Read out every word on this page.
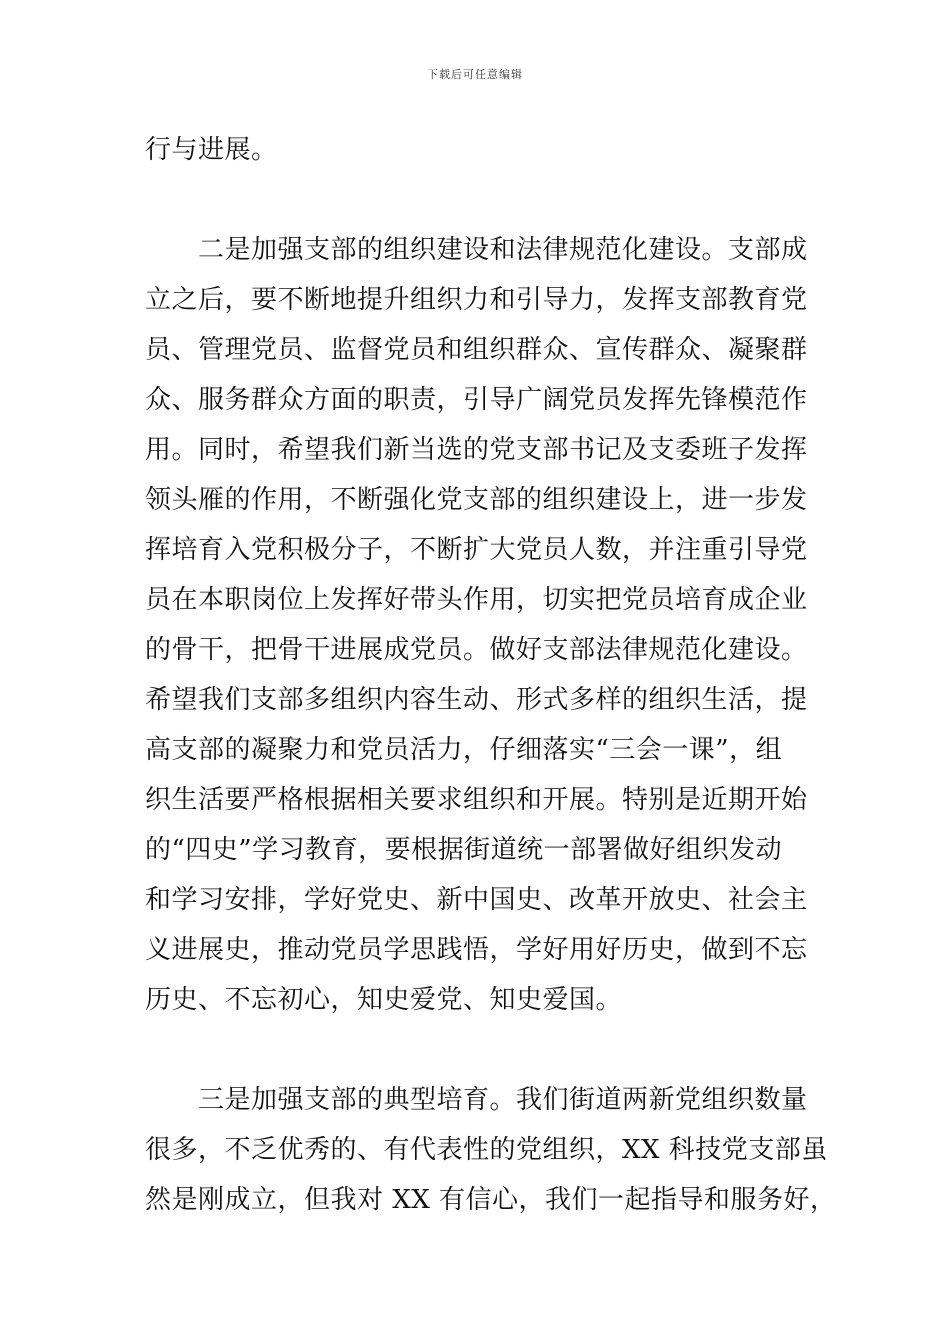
下载后可任意编辑
行与进展。
　　二是加强支部的组织建设和法律规范化建设。支部成
立之后，要不断地提升组织力和引导力，发挥支部教育党
员、管理党员、监督党员和组织群众、宣传群众、凝聚群
众、服务群众方面的职责，引导广阔党员发挥先锋模范作
用。同时，希望我们新当选的党支部书记及支委班子发挥
领头雁的作用，不断强化党支部的组织建设上，进一步发
挥培育入党积极分子，不断扩大党员人数，并注重引导党
员在本职岗位上发挥好带头作用，切实把党员培育成企业
的骨干，把骨干进展成党员。做好支部法律规范化建设。
希望我们支部多组织内容生动、形式多样的组织生活，提
高支部的凝聚力和党员活力，仔细落实“三会一课”，组
织生活要严格根据相关要求组织和开展。特别是近期开始
的“四史”学习教育，要根据街道统一部署做好组织发动
和学习安排，学好党史、新中国史、改革开放史、社会主
义进展史，推动党员学思践悟，学好用好历史，做到不忘
历史、不忘初心，知史爱党、知史爱国。
　　三是加强支部的典型培育。我们街道两新党组织数量
很多，不乏优秀的、有代表性的党组织，XX 科技党支部虽
然是刚成立，但我对 XX 有信心，我们一起指导和服务好，
